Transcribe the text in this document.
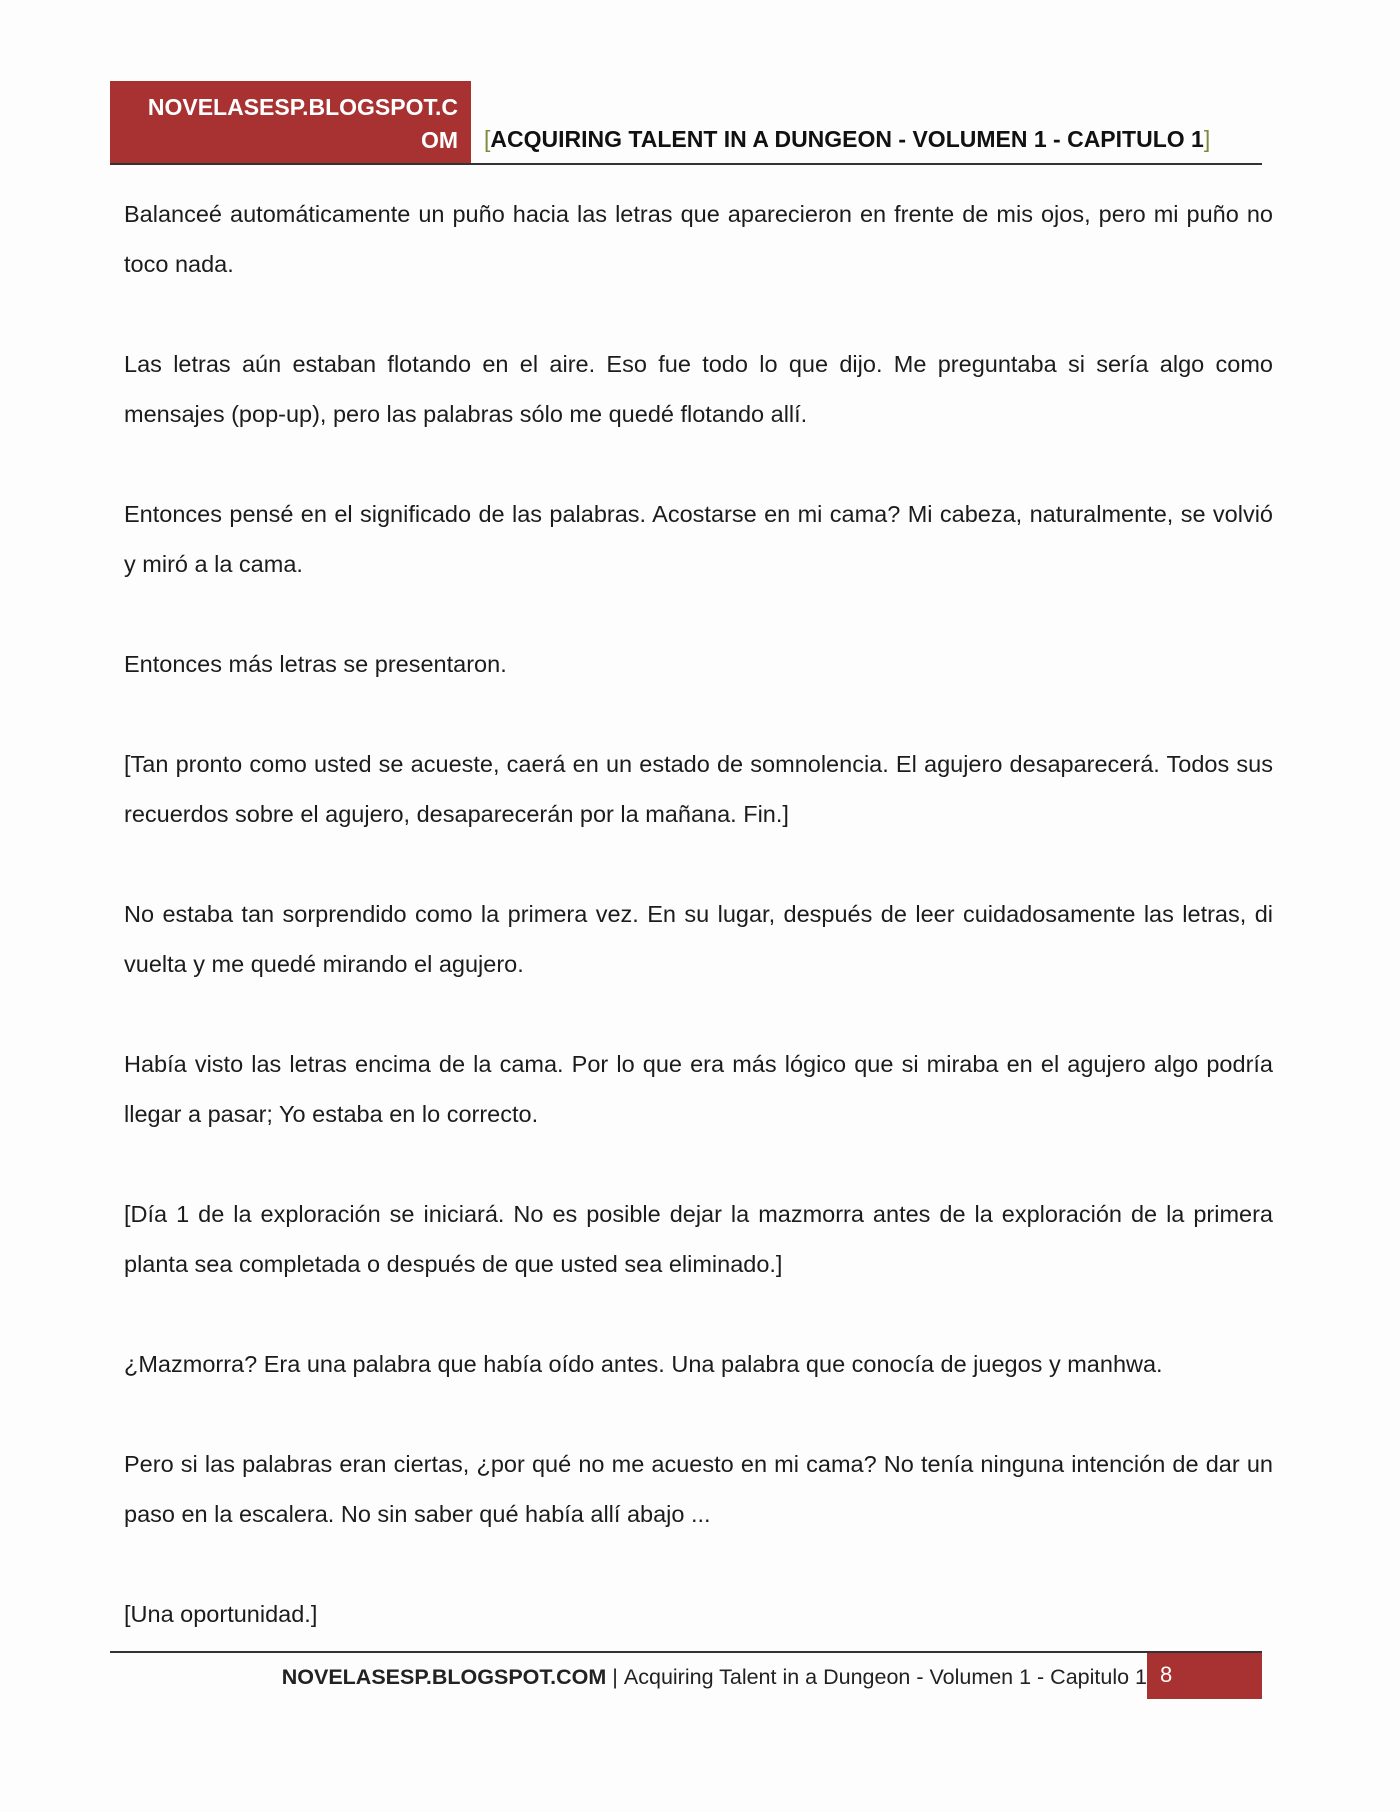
NOVELASESP.BLOGSPOT.COM	[ACQUIRING TALENT IN A DUNGEON - VOLUMEN 1 - CAPITULO 1]

Balanceé automáticamente un puño hacia las letras que aparecieron en frente de mis ojos, pero mi puño no toco nada.

Las letras aún estaban flotando en el aire. Eso fue todo lo que dijo. Me preguntaba si sería algo como mensajes (pop-up), pero las palabras sólo me quedé flotando allí.

Entonces pensé en el significado de las palabras. Acostarse en mi cama? Mi cabeza, naturalmente, se volvió y miró a la cama.

Entonces más letras se presentaron.

[Tan pronto como usted se acueste, caerá en un estado de somnolencia. El agujero desaparecerá. Todos sus recuerdos sobre el agujero, desaparecerán por la mañana. Fin.]

No estaba tan sorprendido como la primera vez. En su lugar, después de leer cuidadosamente las letras, di vuelta y me quedé mirando el agujero.

Había visto las letras encima de la cama. Por lo que era más lógico que si miraba en el agujero algo podría llegar a pasar; Yo estaba en lo correcto.

[Día 1 de la exploración se iniciará. No es posible dejar la mazmorra antes de la exploración de la primera planta sea completada o después de que usted sea eliminado.]

¿Mazmorra? Era una palabra que había oído antes. Una palabra que conocía de juegos y manhwa.

Pero si las palabras eran ciertas, ¿por qué no me acuesto en mi cama? No tenía ninguna intención de dar un paso en la escalera. No sin saber qué había allí abajo ...

[Una oportunidad.]

NOVELASESP.BLOGSPOT.COM | Acquiring Talent in a Dungeon - Volumen 1 - Capitulo 1 8
